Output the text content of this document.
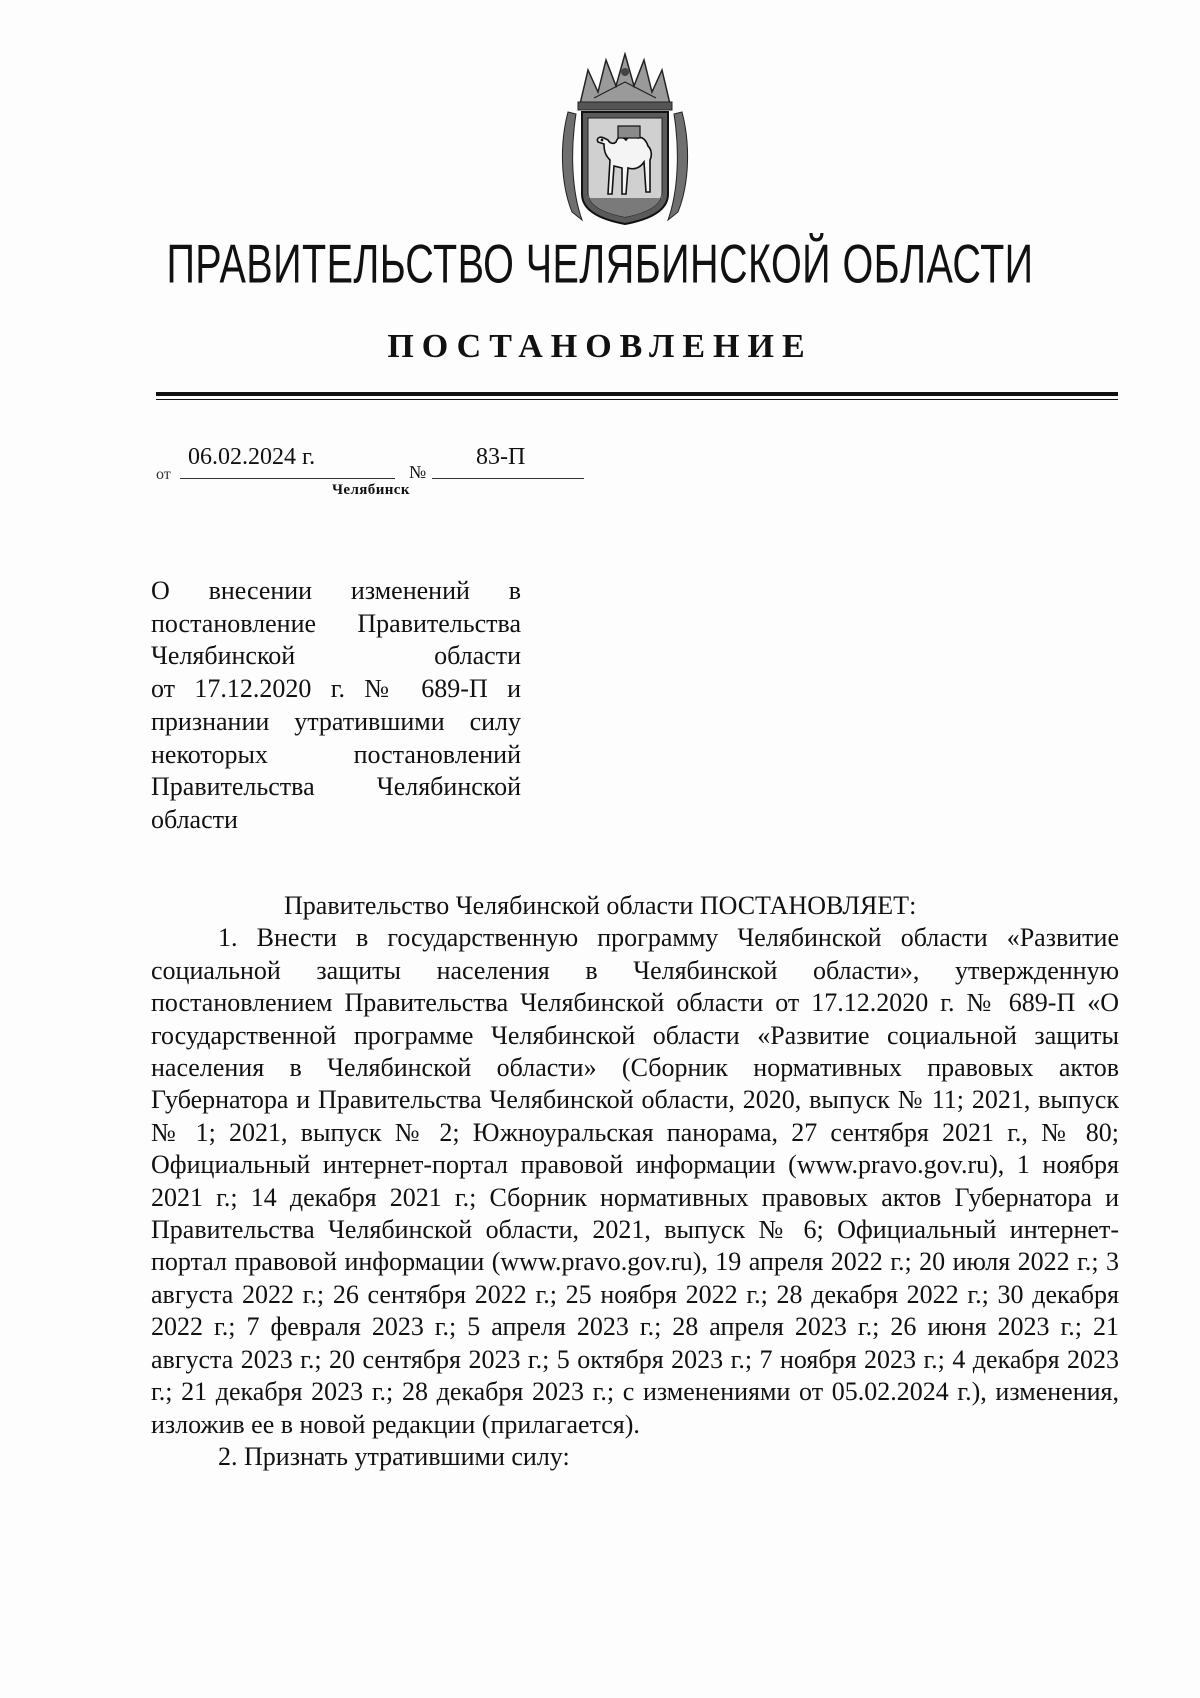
ПРАВИТЕЛЬСТВО ЧЕЛЯБИНСКОЙ ОБЛАСТИ
ПОСТАНОВЛЕНИЕ
от
06.02.2024 г.
№
83-П
Челябинск
О внесении изменений в
постановление Правительства
Челябинской области
от 17.12.2020 г. № 689-П и
признании утратившими силу
некоторых постановлений
Правительства Челябинской
области
Правительство Челябинской области ПОСТАНОВЛЯЕТ:

1. Внести в государственную программу Челябинской области «Развитие социальной защиты населения в Челябинской области», утвержденную постановлением Правительства Челябинской области от 17.12.2020 г. № 689-П «О государственной программе Челябинской области «Развитие социальной защиты населения в Челябинской области» (Сборник нормативных правовых актов Губернатора и Правительства Челябинской области, 2020, выпуск № 11; 2021, выпуск № 1; 2021, выпуск № 2; Южноуральская панорама, 27 сентября 2021 г., № 80; Официальный интернет-портал правовой информации (www.pravo.gov.ru), 1 ноября 2021 г.; 14 декабря 2021 г.; Сборник нормативных правовых актов Губернатора и Правительства Челябинской области, 2021, выпуск № 6; Официальный интернет-портал правовой информации (www.pravo.gov.ru), 19 апреля 2022 г.; 20 июля 2022 г.; 3 августа 2022 г.; 26 сентября 2022 г.; 25 ноября 2022 г.; 28 декабря 2022 г.; 30 декабря 2022 г.; 7 февраля 2023 г.; 5 апреля 2023 г.; 28 апреля 2023 г.; 26 июня 2023 г.; 21 августа 2023 г.; 20 сентября 2023 г.; 5 октября 2023 г.; 7 ноября 2023 г.; 4 декабря 2023 г.; 21 декабря 2023 г.; 28 декабря 2023 г.; с изменениями от 05.02.2024 г.), изменения, изложив ее в новой редакции (прилагается).

2. Признать утратившими силу:
